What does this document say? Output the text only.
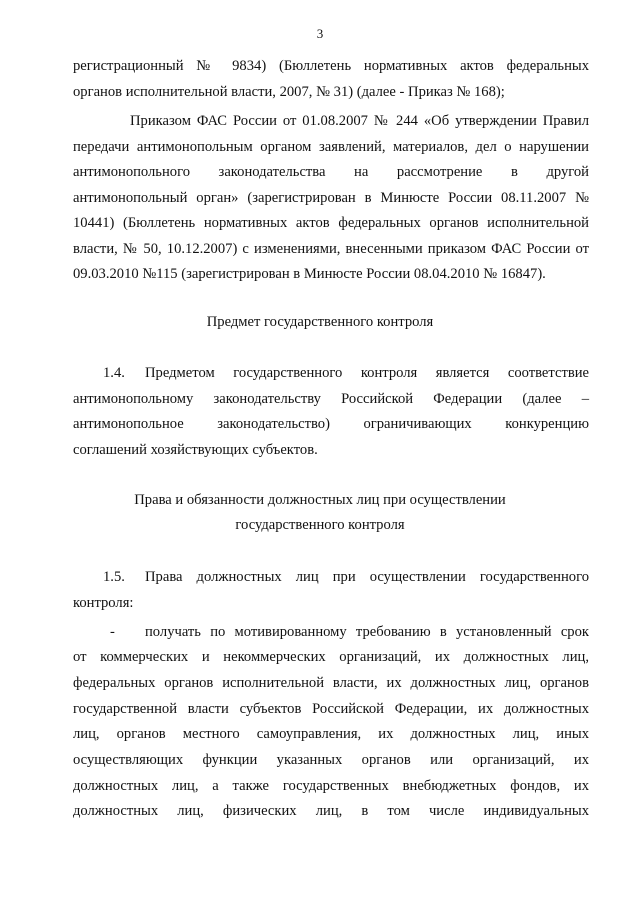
3
регистрационный № 9834) (Бюллетень нормативных актов федеральных
органов исполнительной власти, 2007, № 31) (далее - Приказ № 168);
Приказом ФАС России от 01.08.2007 № 244 «Об утверждении Правил
передачи антимонопольным органом заявлений, материалов, дел о нарушении
антимонопольного законодательства на рассмотрение в другой
антимонопольный орган» (зарегистрирован в Минюсте России 08.11.2007 №
10441) (Бюллетень нормативных актов федеральных органов исполнительной
власти, № 50, 10.12.2007) с изменениями, внесенными приказом ФАС России от
09.03.2010 №115 (зарегистрирован в Минюсте России 08.04.2010 № 16847).
Предмет государственного контроля
1.4. Предметом государственного контроля является соответствие
антимонопольному законодательству Российской Федерации (далее –
антимонопольное законодательство) ограничивающих конкуренцию
соглашений хозяйствующих субъектов.
Права и обязанности должностных лиц при осуществлении
государственного контроля
1.5. Права должностных лиц при осуществлении государственного
контроля:
- получать по мотивированному требованию в установленный срок
от коммерческих и некоммерческих организаций, их должностных лиц,
федеральных органов исполнительной власти, их должностных лиц, органов
государственной власти субъектов Российской Федерации, их должностных
лиц, органов местного самоуправления, их должностных лиц, иных
осуществляющих функции указанных органов или организаций, их
должностных лиц, а также государственных внебюджетных фондов, их
должностных лиц, физических лиц, в том числе индивидуальных
